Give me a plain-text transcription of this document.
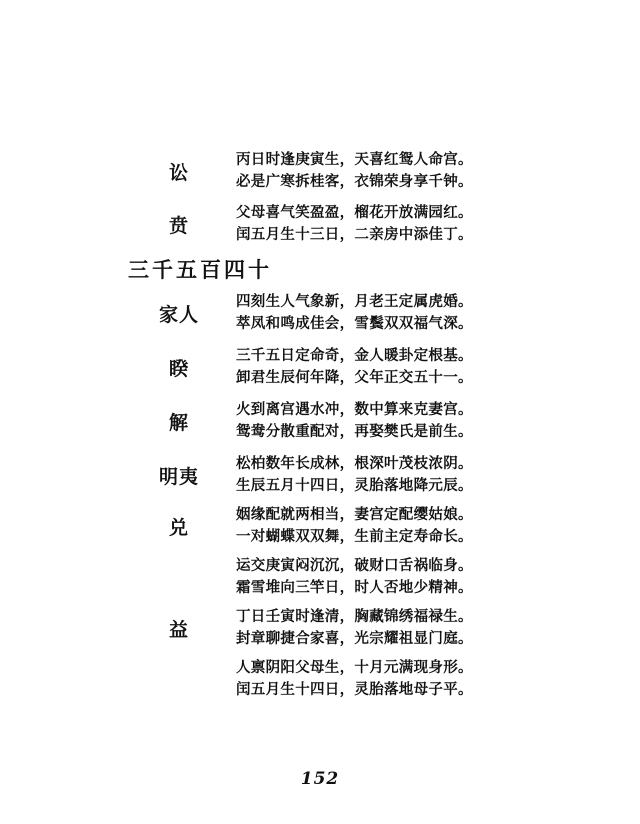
讼
丙日时逢庚寅生，天喜红鸳人命宫。
必是广寒拆桂客，衣锦荣身享千钟。
贲
父母喜气笑盈盈，榴花开放满园红。
闰五月生十三日，二亲房中添佳丁。
三千五百四十
家人
四刻生人气象新，月老王定属虎婚。
萃凤和鸣成佳会，雪鬓双双福气深。
睽
三千五日定命奇，金人暖卦定根基。
卸君生辰何年降，父年正交五十一。
解
火到离宫遇水冲，数中算来克妻宫。
鸳鸯分散重配对，再娶樊氏是前生。
明夷
松柏数年长成林，根深叶茂枝浓阴。
生辰五月十四日，灵胎落地降元辰。
兑
姻缘配就两相当，妻宫定配缨姑娘。
一对蝴蝶双双舞，生前主定寿命长。
运交庚寅闷沉沉，破财口舌祸临身。
霜雪堆向三竿日，时人否地少精神。
益
丁日壬寅时逢清，胸藏锦绣福禄生。
封章聊捷合家喜，光宗耀祖显门庭。
人禀阴阳父母生，十月元满现身形。
闰五月生十四日，灵胎落地母子平。
152
